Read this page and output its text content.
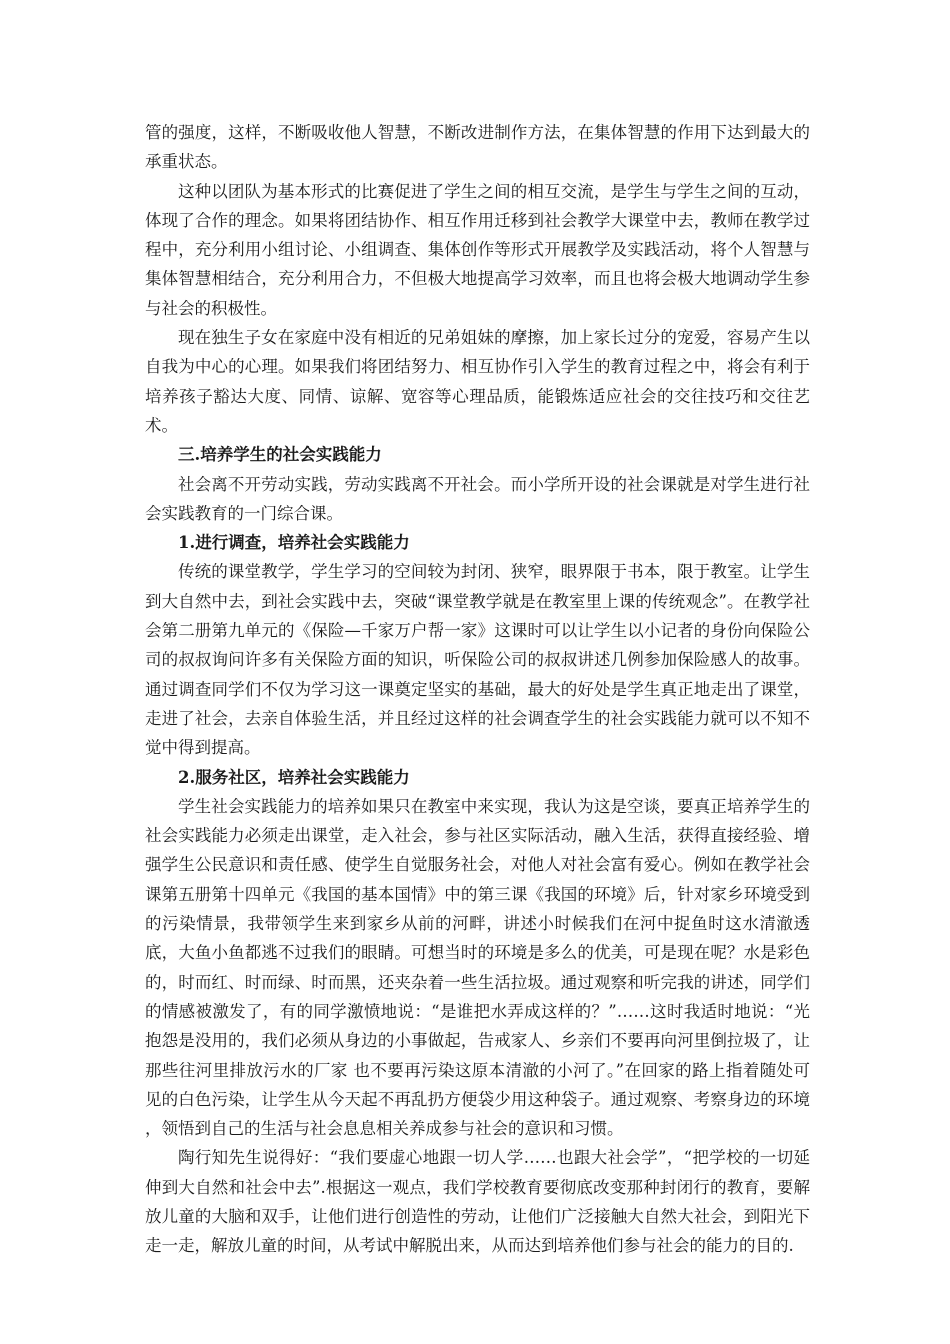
管的强度，这样，不断吸收他人智慧，不断改进制作方法，在集体智慧的作用下达到最大的承重状态。

这种以团队为基本形式的比赛促进了学生之间的相互交流，是学生与学生之间的互动，体现了合作的理念。如果将团结协作、相互作用迁移到社会教学大课堂中去，教师在教学过程中，充分利用小组讨论、小组调查、集体创作等形式开展教学及实践活动，将个人智慧与集体智慧相结合，充分利用合力，不但极大地提高学习效率，而且也将会极大地调动学生参与社会的积极性。

现在独生子女在家庭中没有相近的兄弟姐妹的摩擦，加上家长过分的宠爱，容易产生以自我为中心的心理。如果我们将团结努力、相互协作引入学生的教育过程之中，将会有利于培养孩子豁达大度、同情、谅解、宽容等心理品质，能锻炼适应社会的交往技巧和交往艺术。

三.培养学生的社会实践能力

社会离不开劳动实践，劳动实践离不开社会。而小学所开设的社会课就是对学生进行社会实践教育的一门综合课。

1.进行调查，培养社会实践能力

传统的课堂教学，学生学习的空间较为封闭、狭窄，眼界限于书本，限于教室。让学生到大自然中去，到社会实践中去，突破“课堂教学就是在教室里上课的传统观念”。在教学社会第二册第九单元的《保险—千家万户帮一家》这课时可以让学生以小记者的身份向保险公司的叔叔询问许多有关保险方面的知识，听保险公司的叔叔讲述几例参加保险感人的故事。通过调查同学们不仅为学习这一课奠定坚实的基础，最大的好处是学生真正地走出了课堂，走进了社会，去亲自体验生活，并且经过这样的社会调查学生的社会实践能力就可以不知不觉中得到提高。

2.服务社区，培养社会实践能力

学生社会实践能力的培养如果只在教室中来实现，我认为这是空谈，要真正培养学生的社会实践能力必须走出课堂，走入社会，参与社区实际活动，融入生活，获得直接经验、增强学生公民意识和责任感、使学生自觉服务社会，对他人对社会富有爱心。例如在教学社会课第五册第十四单元《我国的基本国情》中的第三课《我国的环境》后，针对家乡环境受到的污染情景，我带领学生来到家乡从前的河畔，讲述小时候我们在河中捉鱼时这水清澈透底，大鱼小鱼都逃不过我们的眼睛。可想当时的环境是多么的优美，可是现在呢？水是彩色的，时而红、时而绿、时而黑，还夹杂着一些生活拉圾。通过观察和听完我的讲述，同学们的情感被激发了，有的同学激愤地说：“是谁把水弄成这样的？”……这时我适时地说：“光抱怨是没用的，我们必须从身边的小事做起，告戒家人、乡亲们不要再向河里倒拉圾了，让那些往河里排放污水的厂家 也不要再污染这原本清澈的小河了。”在回家的路上指着随处可见的白色污染，让学生从今天起不再乱扔方便袋少用这种袋子。通过观察、考察身边的环境 ，领悟到自己的生活与社会息息相关养成参与社会的意识和习惯。

陶行知先生说得好：“我们要虚心地跟一切人学……也跟大社会学”，“把学校的一切延伸到大自然和社会中去”.根据这一观点，我们学校教育要彻底改变那种封闭行的教育，要解放儿童的大脑和双手，让他们进行创造性的劳动，让他们广泛接触大自然大社会，到阳光下走一走，解放儿童的时间，从考试中解脱出来，从而达到培养他们参与社会的能力的目的.
